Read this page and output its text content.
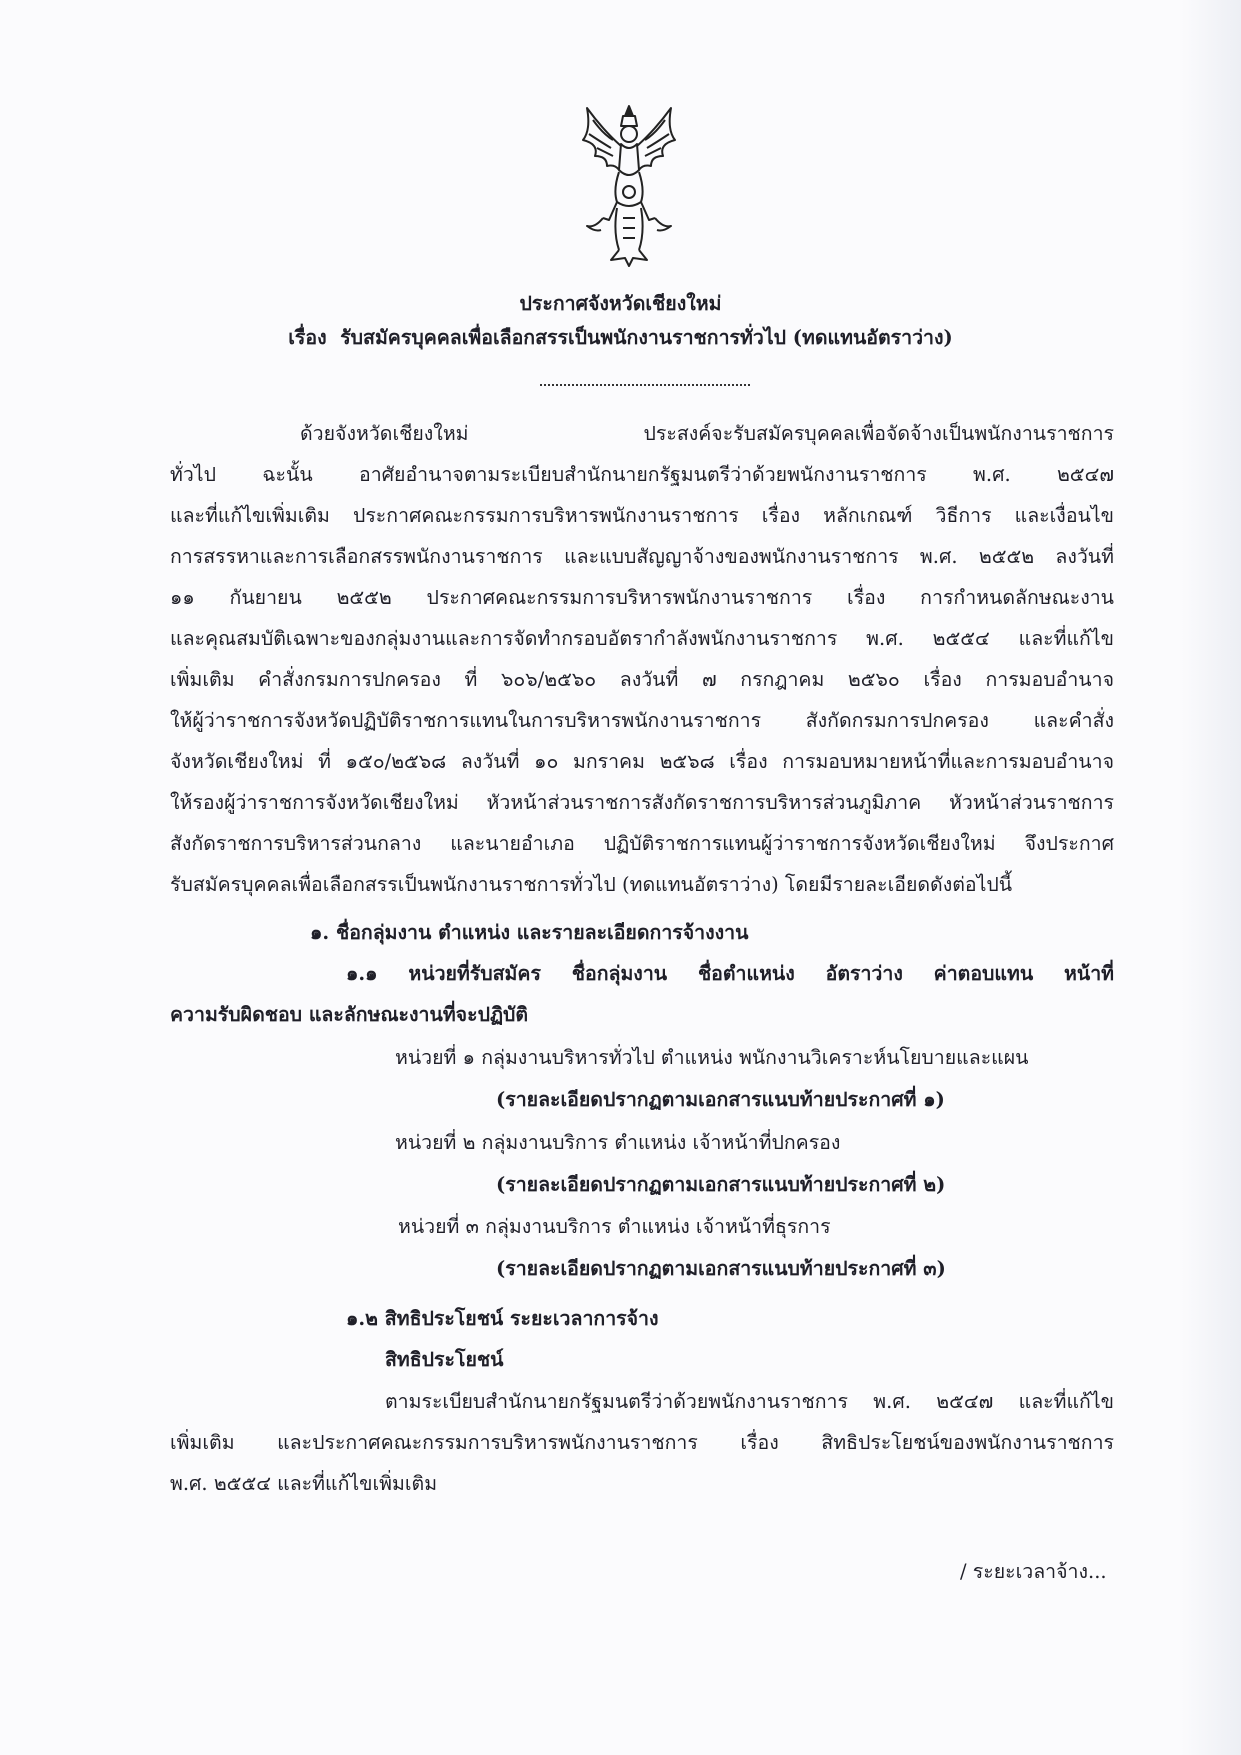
ประกาศจังหวัดเชียงใหม่
เรื่อง รับสมัครบุคคลเพื่อเลือกสรรเป็นพนักงานราชการทั่วไป (ทดแทนอัตราว่าง)
ด้วยจังหวัดเชียงใหม่ ประสงค์จะรับสมัครบุคคลเพื่อจัดจ้างเป็นพนักงานราชการ
ทั่วไป ฉะนั้น อาศัยอำนาจตามระเบียบสำนักนายกรัฐมนตรีว่าด้วยพนักงานราชการ พ.ศ. ๒๕๔๗
และที่แก้ไขเพิ่มเติม ประกาศคณะกรรมการบริหารพนักงานราชการ เรื่อง หลักเกณฑ์ วิธีการ และเงื่อนไข
การสรรหาและการเลือกสรรพนักงานราชการ และแบบสัญญาจ้างของพนักงานราชการ พ.ศ. ๒๕๕๒ ลงวันที่
๑๑ กันยายน ๒๕๕๒ ประกาศคณะกรรมการบริหารพนักงานราชการ เรื่อง การกำหนดลักษณะงาน
และคุณสมบัติเฉพาะของกลุ่มงานและการจัดทำกรอบอัตรากำลังพนักงานราชการ พ.ศ. ๒๕๕๔ และที่แก้ไข
เพิ่มเติม คำสั่งกรมการปกครอง ที่ ๖๐๖/๒๕๖๐ ลงวันที่ ๗ กรกฎาคม ๒๕๖๐ เรื่อง การมอบอำนาจ
ให้ผู้ว่าราชการจังหวัดปฏิบัติราชการแทนในการบริหารพนักงานราชการ สังกัดกรมการปกครอง และคำสั่ง
จังหวัดเชียงใหม่ ที่ ๑๕๐/๒๕๖๘ ลงวันที่ ๑๐ มกราคม ๒๕๖๘ เรื่อง การมอบหมายหน้าที่และการมอบอำนาจ
ให้รองผู้ว่าราชการจังหวัดเชียงใหม่ หัวหน้าส่วนราชการสังกัดราชการบริหารส่วนภูมิภาค หัวหน้าส่วนราชการ
สังกัดราชการบริหารส่วนกลาง และนายอำเภอ ปฏิบัติราชการแทนผู้ว่าราชการจังหวัดเชียงใหม่ จึงประกาศ
รับสมัครบุคคลเพื่อเลือกสรรเป็นพนักงานราชการทั่วไป (ทดแทนอัตราว่าง) โดยมีรายละเอียดดังต่อไปนี้
๑. ชื่อกลุ่มงาน ตำแหน่ง และรายละเอียดการจ้างงาน
๑.๑ หน่วยที่รับสมัคร ชื่อกลุ่มงาน ชื่อตำแหน่ง อัตราว่าง ค่าตอบแทน หน้าที่
ความรับผิดชอบ และลักษณะงานที่จะปฏิบัติ
หน่วยที่ ๑ กลุ่มงานบริหารทั่วไป ตำแหน่ง พนักงานวิเคราะห์นโยบายและแผน
(รายละเอียดปรากฏตามเอกสารแนบท้ายประกาศที่ ๑)
หน่วยที่ ๒ กลุ่มงานบริการ ตำแหน่ง เจ้าหน้าที่ปกครอง
(รายละเอียดปรากฏตามเอกสารแนบท้ายประกาศที่ ๒)
หน่วยที่ ๓ กลุ่มงานบริการ ตำแหน่ง เจ้าหน้าที่ธุรการ
(รายละเอียดปรากฏตามเอกสารแนบท้ายประกาศที่ ๓)
๑.๒ สิทธิประโยชน์ ระยะเวลาการจ้าง
สิทธิประโยชน์
ตามระเบียบสำนักนายกรัฐมนตรีว่าด้วยพนักงานราชการ พ.ศ. ๒๕๔๗ และที่แก้ไข
เพิ่มเติม และประกาศคณะกรรมการบริหารพนักงานราชการ เรื่อง สิทธิประโยชน์ของพนักงานราชการ
พ.ศ. ๒๕๕๔ และที่แก้ไขเพิ่มเติม
/ ระยะเวลาจ้าง...
